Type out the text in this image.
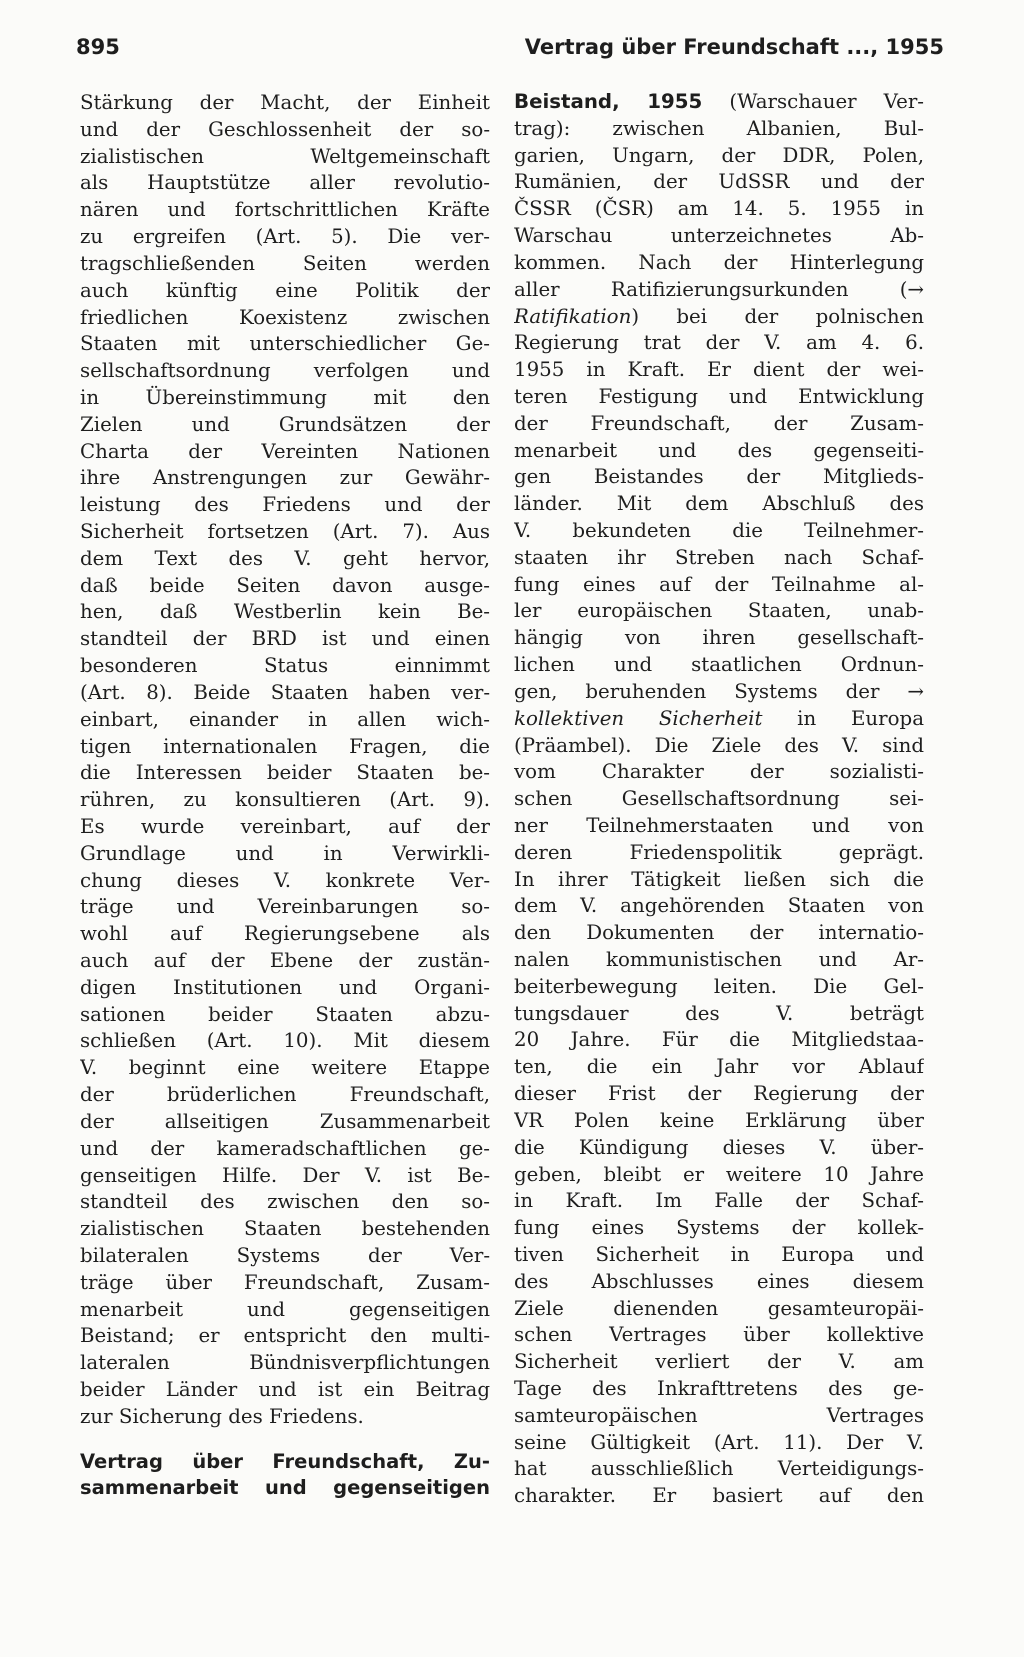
895	Vertrag über Freundschaft ..., 1955
Stärkung der Macht, der Einheit
und der Geschlossenheit der so-
zialistischen Weltgemeinschaft
als Hauptstütze aller revolutio-
nären und fortschrittlichen Kräfte
zu ergreifen (Art. 5). Die ver-
tragschließenden Seiten werden
auch künftig eine Politik der
friedlichen Koexistenz zwischen
Staaten mit unterschiedlicher Ge-
sellschaftsordnung verfolgen und
in Übereinstimmung mit den
Zielen und Grundsätzen der
Charta der Vereinten Nationen
ihre Anstrengungen zur Gewähr-
leistung des Friedens und der
Sicherheit fortsetzen (Art. 7). Aus
dem Text des V. geht hervor,
daß beide Seiten davon ausge-
hen, daß Westberlin kein Be-
standteil der BRD ist und einen
besonderen Status einnimmt
(Art. 8). Beide Staaten haben ver-
einbart, einander in allen wich-
tigen internationalen Fragen, die
die Interessen beider Staaten be-
rühren, zu konsultieren (Art. 9).
Es wurde vereinbart, auf der
Grundlage und in Verwirkli-
chung dieses V. konkrete Ver-
träge und Vereinbarungen so-
wohl auf Regierungsebene als
auch auf der Ebene der zustän-
digen Institutionen und Organi-
sationen beider Staaten abzu-
schließen (Art. 10). Mit diesem
V. beginnt eine weitere Etappe
der brüderlichen Freundschaft,
der allseitigen Zusammenarbeit
und der kameradschaftlichen ge-
genseitigen Hilfe. Der V. ist Be-
standteil des zwischen den so-
zialistischen Staaten bestehenden
bilateralen Systems der Ver-
träge über Freundschaft, Zusam-
menarbeit und gegenseitigen
Beistand; er entspricht den multi-
lateralen Bündnisverpflichtungen
beider Länder und ist ein Beitrag
zur Sicherung des Friedens.
Vertrag über Freundschaft, Zu-
sammenarbeit und gegenseitigen
Beistand, 1955 (Warschauer Ver-
trag): zwischen Albanien, Bul-
garien, Ungarn, der DDR, Polen,
Rumänien, der UdSSR und der
ČSSR (ČSR) am 14. 5. 1955 in
Warschau unterzeichnetes Ab-
kommen. Nach der Hinterlegung
aller Ratifizierungsurkunden (→
Ratifikation) bei der polnischen
Regierung trat der V. am 4. 6.
1955 in Kraft. Er dient der wei-
teren Festigung und Entwicklung
der Freundschaft, der Zusam-
menarbeit und des gegenseiti-
gen Beistandes der Mitglieds-
länder. Mit dem Abschluß des
V. bekundeten die Teilnehmer-
staaten ihr Streben nach Schaf-
fung eines auf der Teilnahme al-
ler europäischen Staaten, unab-
hängig von ihren gesellschaft-
lichen und staatlichen Ordnun-
gen, beruhenden Systems der →
kollektiven Sicherheit in Europa
(Präambel). Die Ziele des V. sind
vom Charakter der sozialisti-
schen Gesellschaftsordnung sei-
ner Teilnehmerstaaten und von
deren Friedenspolitik geprägt.
In ihrer Tätigkeit ließen sich die
dem V. angehörenden Staaten von
den Dokumenten der internatio-
nalen kommunistischen und Ar-
beiterbewegung leiten. Die Gel-
tungsdauer des V. beträgt
20 Jahre. Für die Mitgliedstaa-
ten, die ein Jahr vor Ablauf
dieser Frist der Regierung der
VR Polen keine Erklärung über
die Kündigung dieses V. über-
geben, bleibt er weitere 10 Jahre
in Kraft. Im Falle der Schaf-
fung eines Systems der kollek-
tiven Sicherheit in Europa und
des Abschlusses eines diesem
Ziele dienenden gesamteuropäi-
schen Vertrages über kollektive
Sicherheit verliert der V. am
Tage des Inkrafttretens des ge-
samteuropäischen Vertrages
seine Gültigkeit (Art. 11). Der V.
hat ausschließlich Verteidigungs-
charakter. Er basiert auf den
